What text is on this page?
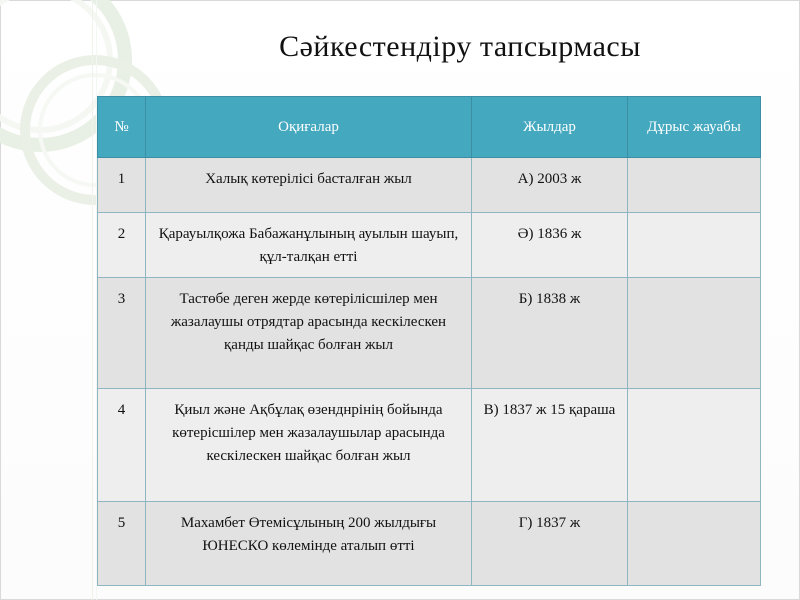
Сәйкестендіру тапсырмасы
№	Оқиғалар	Жылдар	Дұрыс жауабы
1	Халық көтерілісі басталған жыл	А) 2003 ж	
2	Қарауылқожа Бабажанұлының ауылын шауып, құл-талқан етті	Ә) 1836 ж	
3	Тастөбе деген жерде көтерілісшілер мен жазалаушы отрядтар арасында кескілескен қанды шайқас болған жыл	Б) 1838 ж	
4	Қиыл және Ақбұлақ өзенднрінің бойында көтерісшілер мен жазалаушылар арасында кескілескен шайқас болған жыл	В) 1837 ж 15 қараша	
5	Махамбет Өтемісұлының 200 жылдығы ЮНЕСКО көлемінде аталып өтті	Г) 1837 ж	
